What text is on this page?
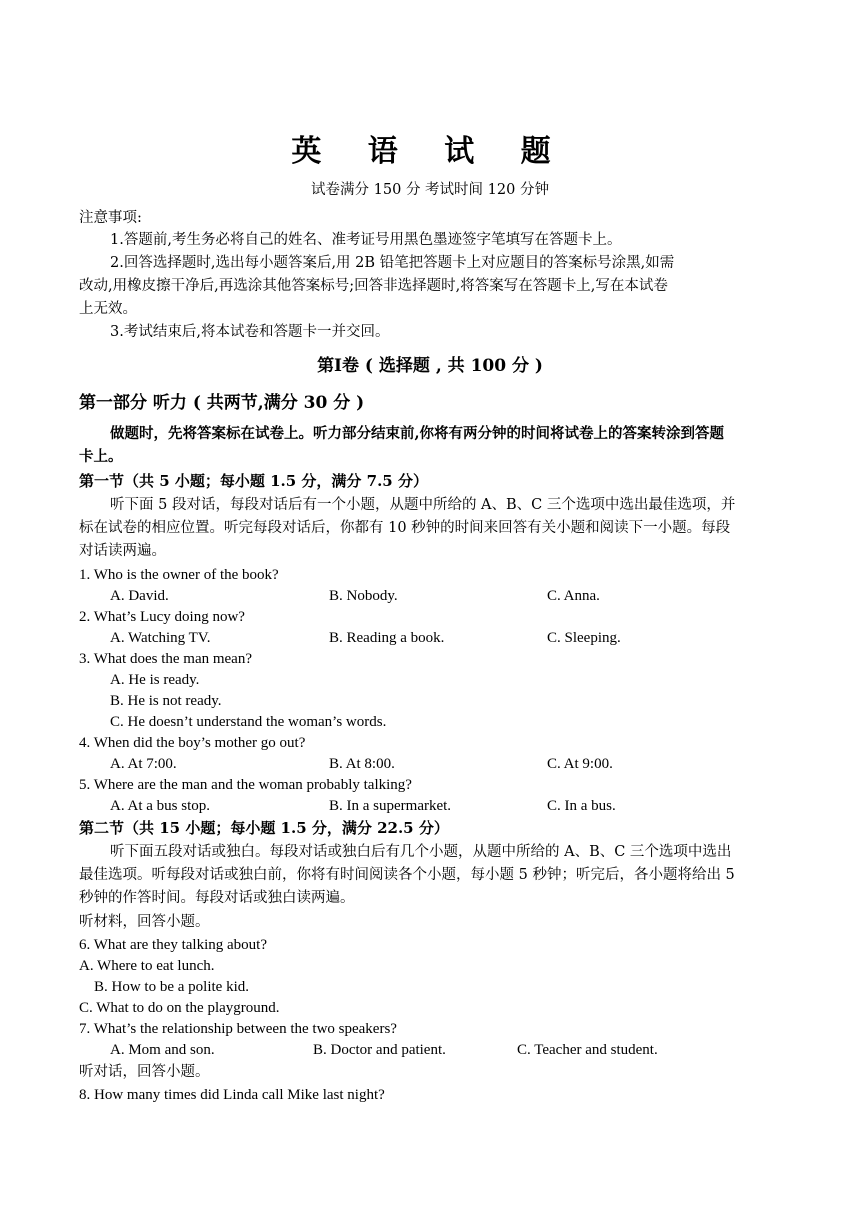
英 语 试 题
试卷满分 150 分 考试时间 120 分钟
注意事项:
1.答题前,考生务必将自己的姓名、准考证号用黑色墨迹签字笔填写在答题卡上。
2.回答选择题时,选出每小题答案后,用 2B 铅笔把答题卡上对应题目的答案标号涂黑,如需
改动,用橡皮擦干净后,再选涂其他答案标号;回答非选择题时,将答案写在答题卡上,写在本试卷
上无效。
3.考试结束后,将本试卷和答题卡一并交回。
第Ⅰ卷 ( 选择题 , 共 100 分 )
第一部分 听力 ( 共两节,满分 30 分 )
做题时，先将答案标在试卷上。听力部分结束前,你将有两分钟的时间将试卷上的答案转涂到答题
卡上。
第一节（共 5 小题；每小题 1.5 分，满分 7.5 分）
听下面 5 段对话，每段对话后有一个小题，从题中所给的 A、B、C 三个选项中选出最佳选项，并
标在试卷的相应位置。听完每段对话后，你都有 10 秒钟的时间来回答有关小题和阅读下一小题。每段
对话读两遍。
1. Who is the owner of the book?
A. David.	B. Nobody.	C. Anna.
2. What’s Lucy doing now?
A. Watching TV.	B. Reading a book.	C. Sleeping.
3. What does the man mean?
A. He is ready.
B. He is not ready.
C. He doesn’t understand the woman’s words.
4. When did the boy’s mother go out?
A. At 7:00.	B. At 8:00.	C. At 9:00.
5. Where are the man and the woman probably talking?
A. At a bus stop.	B. In a supermarket.	C. In a bus.
第二节（共 15 小题；每小题 1.5 分，满分 22.5 分）
听下面五段对话或独白。每段对话或独白后有几个小题，从题中所给的 A、B、C 三个选项中选出
最佳选项。听每段对话或独白前，你将有时间阅读各个小题，每小题 5 秒钟；听完后，各小题将给出 5
秒钟的作答时间。每段对话或独白读两遍。
听材料，回答小题。
6. What are they talking about?
A. Where to eat lunch.
B. How to be a polite kid.
C. What to do on the playground.
7. What’s the relationship between the two speakers?
A. Mom and son.	B. Doctor and patient.	C. Teacher and student.
听对话，回答小题。
8. How many times did Linda call Mike last night?
